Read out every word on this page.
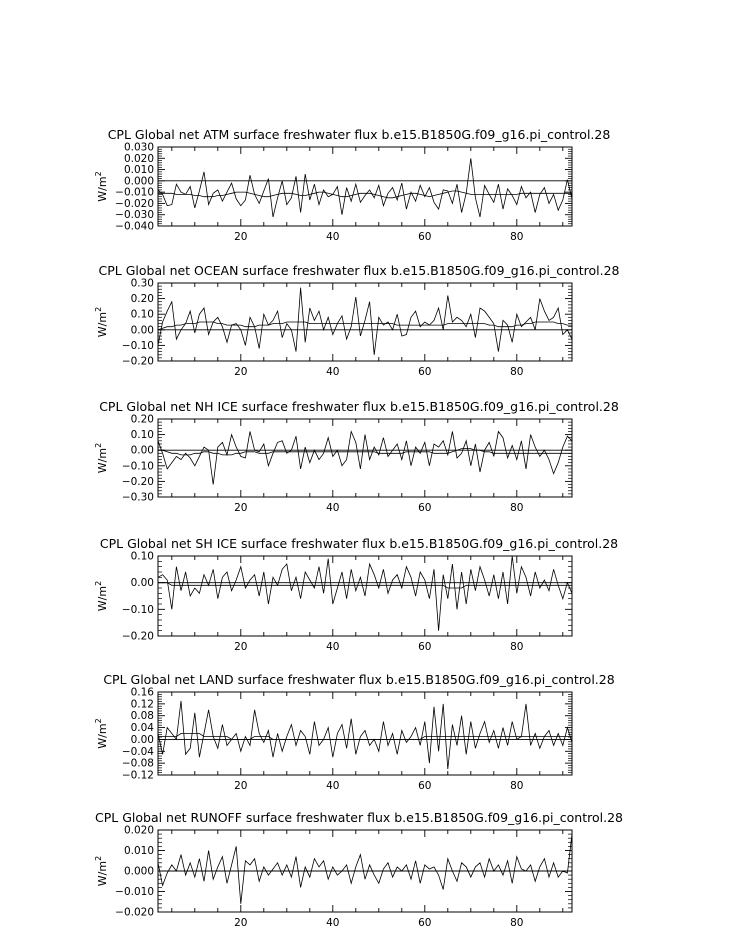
CPL Global net ATM surface freshwater flux b.e15.B1850G.f09_g16.pi_control.28
20	40	60	80
−0.040
−0.030
−0.020
−0.010
0.000
0.010
0.020
0.030
$W/m^2$
CPL Global net OCEAN surface freshwater flux b.e15.B1850G.f09_g16.pi_control.28
20	40	60	80
−0.20
−0.10
0.00
0.10
0.20
0.30
$W/m^2$
CPL Global net NH ICE surface freshwater flux b.e15.B1850G.f09_g16.pi_control.28
20	40	60	80
−0.30
−0.20
−0.10
0.00
0.10
0.20
$W/m^2$
CPL Global net SH ICE surface freshwater flux b.e15.B1850G.f09_g16.pi_control.28
20	40	60	80
−0.20
−0.10
0.00
0.10
$W/m^2$
CPL Global net LAND surface freshwater flux b.e15.B1850G.f09_g16.pi_control.28
20	40	60	80
−0.12
−0.08
−0.04
0.00
0.04
0.08
0.12
0.16
$W/m^2$
CPL Global net RUNOFF surface freshwater flux b.e15.B1850G.f09_g16.pi_control.28
20	40	60	80
−0.020
−0.010
0.000
0.010
0.020
$W/m^2$
